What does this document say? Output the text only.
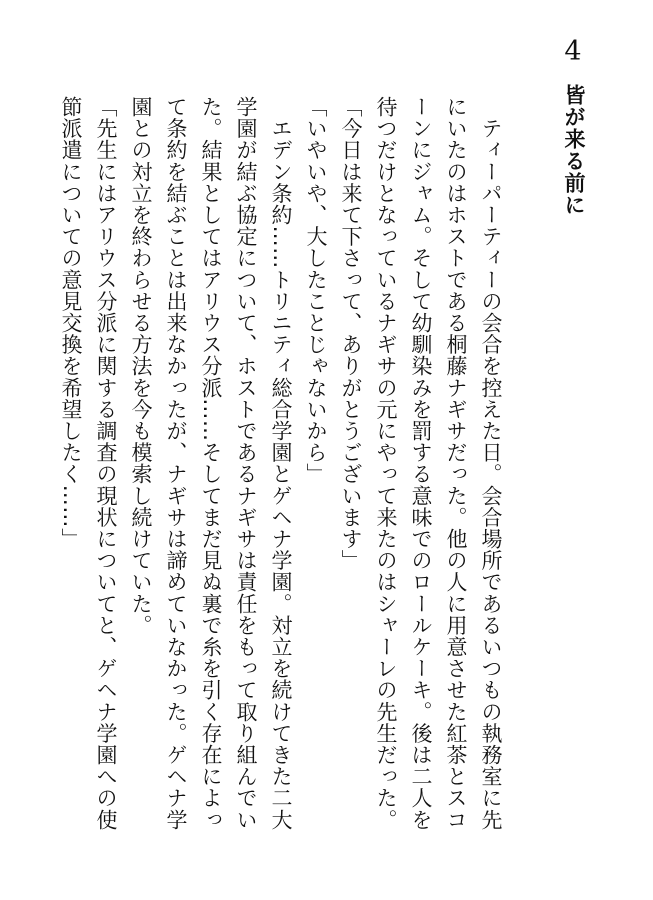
4
皆が来る前に

　ティーパーティーの会合を控えた日。会合場所であるいつもの執務室に先にいたのはホストである桐藤ナギサだった。他の人に用意させた紅茶とスコーンにジャム。そして幼馴染みを罰する意味でのロールケーキ。後は二人を待つだけとなっているナギサの元にやって来たのはシャーレの先生だった。

「今日は来て下さって、ありがとうございます」

「いやいや、大したことじゃないから」

　エデン条約……トリニティ総合学園とゲヘナ学園。対立を続けてきた二大学園が結ぶ協定について、ホストであるナギサは責任をもって取り組んでいた。結果としてはアリウス分派……そしてまだ見ぬ裏で糸を引く存在によって条約を結ぶことは出来なかったが、ナギサは諦めていなかった。ゲヘナ学園との対立を終わらせる方法を今も模索し続けていた。

「先生にはアリウス分派に関する調査の現状についてと、ゲヘナ学園への使節派遣についての意見交換を希望したく……」
